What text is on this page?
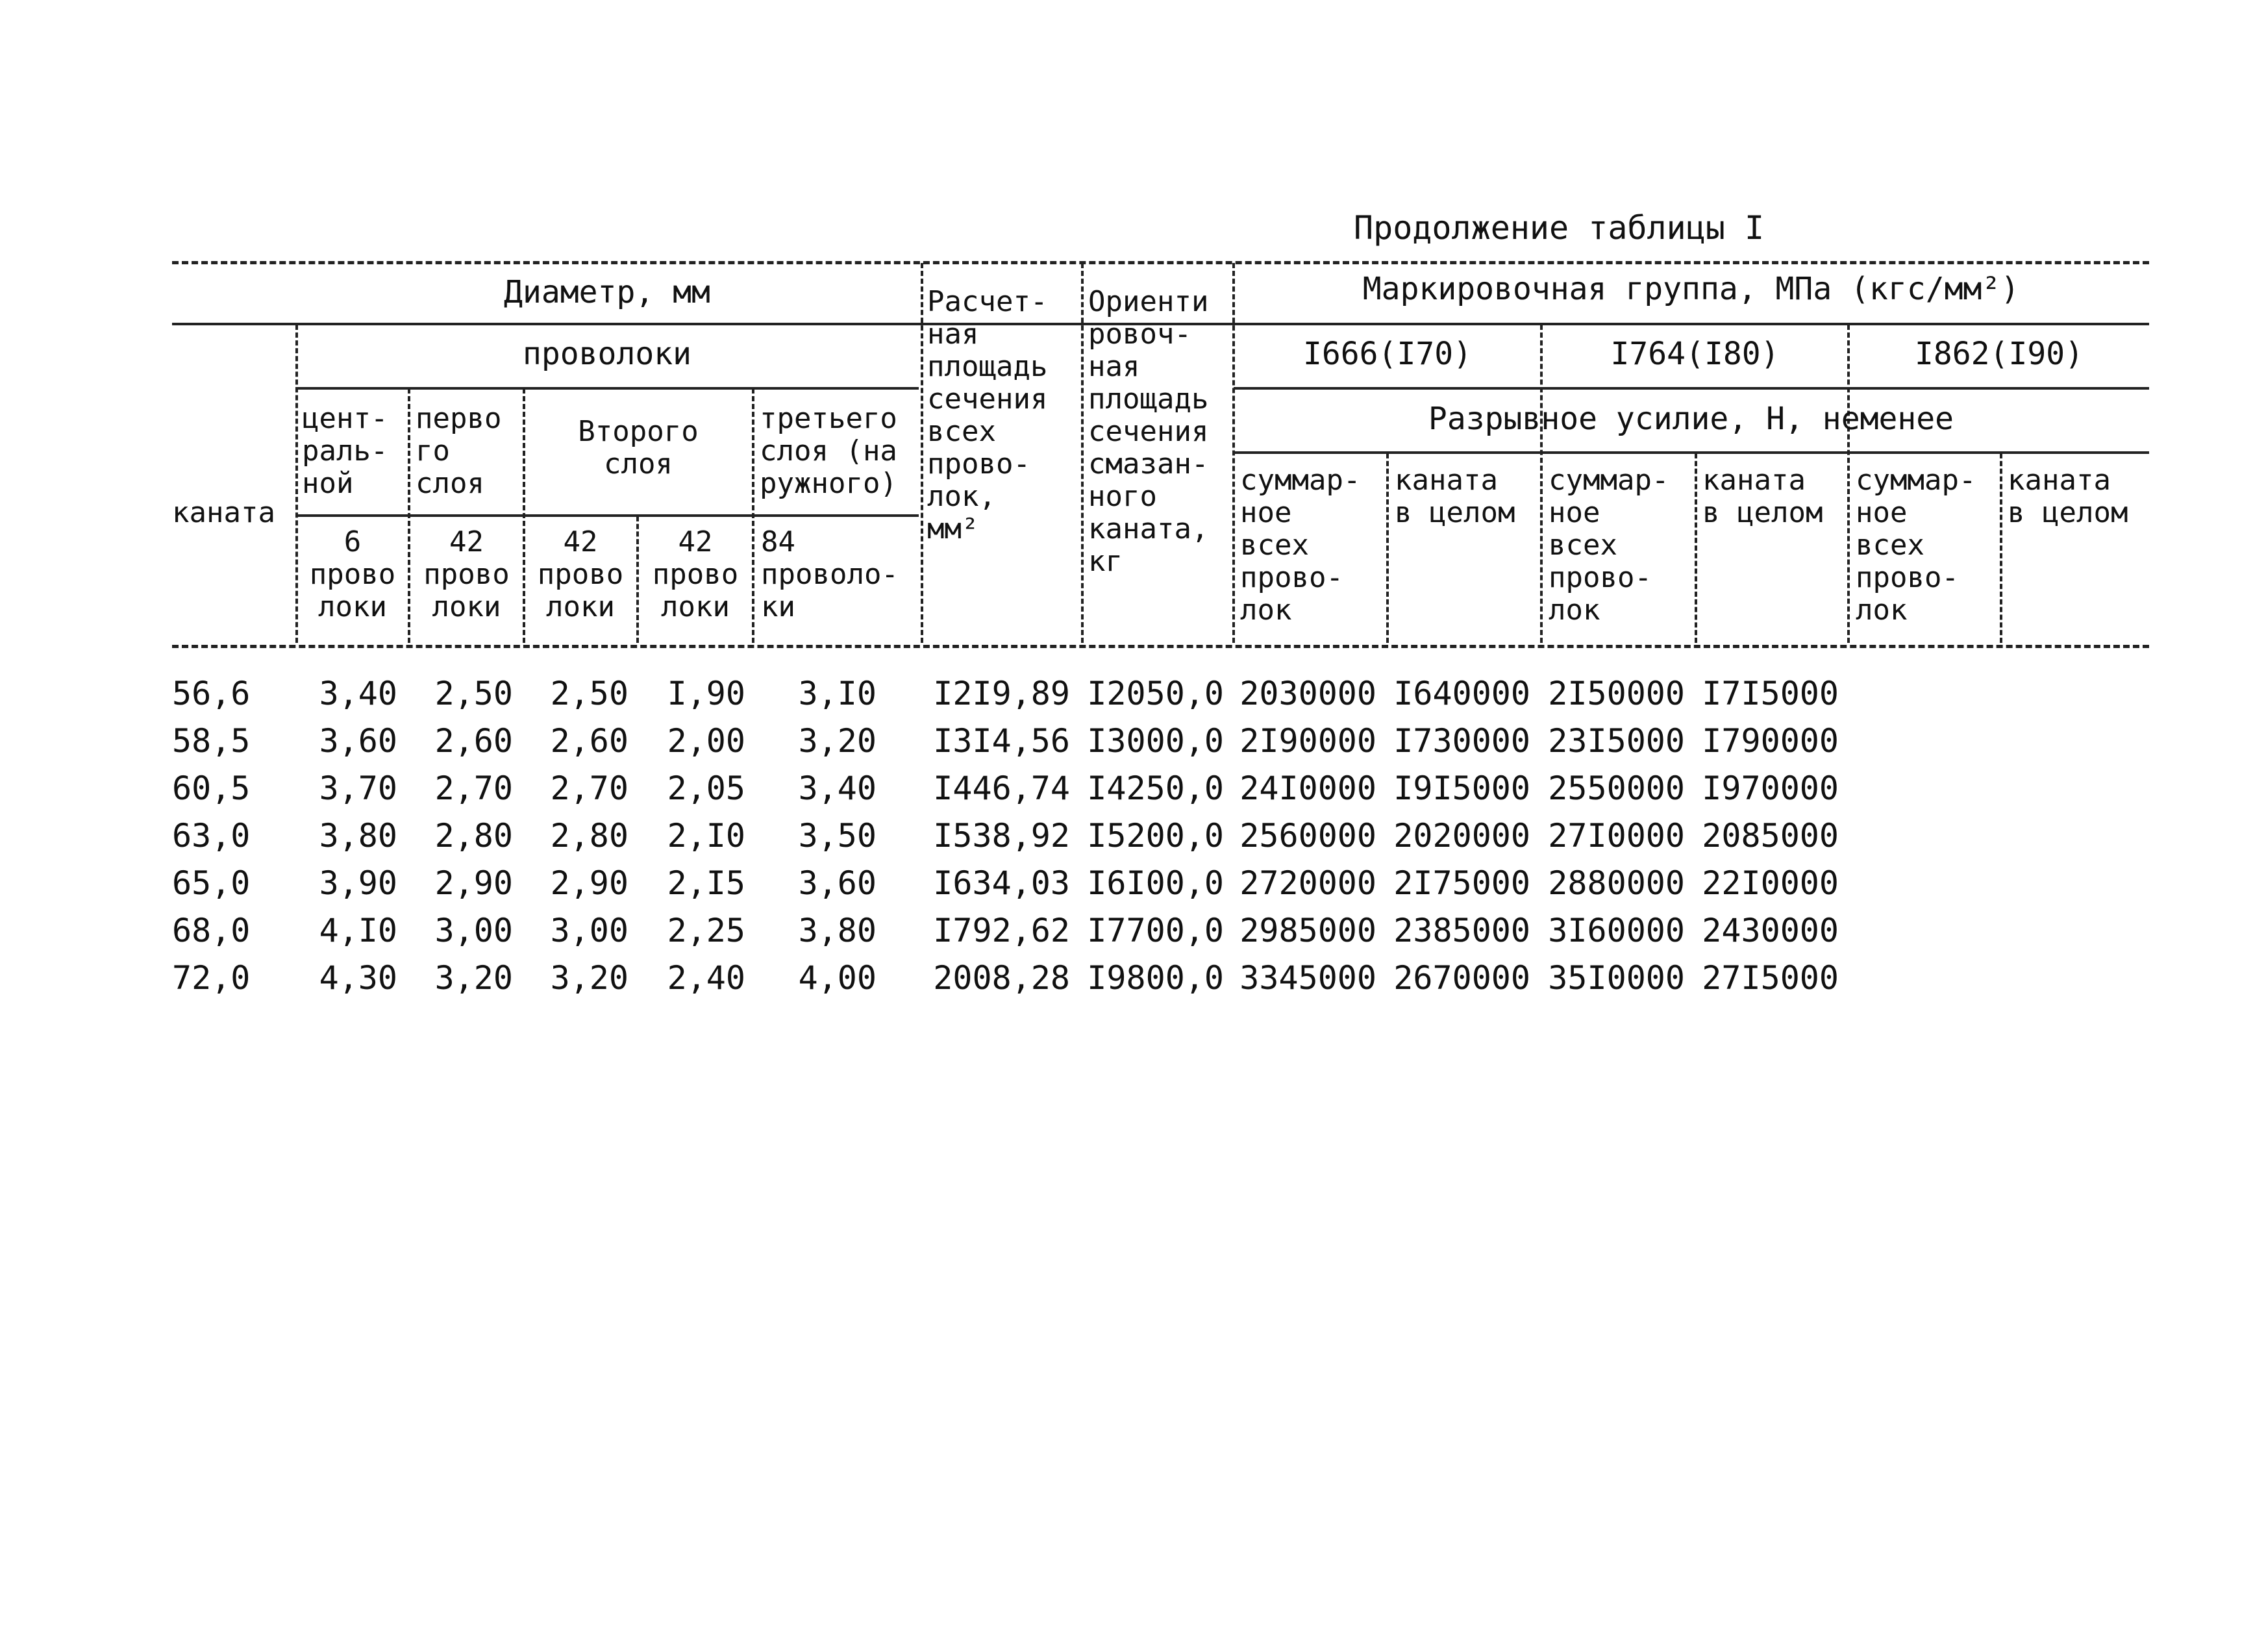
Продолжение таблицы I
Диаметр, мм
проволоки
каната
цент-
раль-
ной
перво
го
слоя
Второго
слоя
третьего
слоя (на
ружного)
6
прово
локи
42
прово
локи
42
прово
локи
42
прово
локи
84
проволо-
ки
Расчет-
ная
площадь
сечения
всех
прово-
лок,
мм²
Ориенти
ровоч-
ная
площадь
сечения
смазан-
ного
каната,
кг
Маркировочная группа, МПа (кгс/мм²)
I666(I70)	I764(I80)	I862(I90)
Разрывное усилие, Н, неменее
суммар-
ное
всех
прово-
лок
каната
в целом
суммар-
ное
всех
прово-
лок
каната
в целом
суммар-
ное
всех
прово-
лок
каната
в целом
56,6 3,40 2,50 2,50 I,90 3,I0 I2I9,89 I2050,0 2030000 I640000 2I50000 I7I5000
58,5 3,60 2,60 2,60 2,00 3,20 I3I4,56 I3000,0 2I90000 I730000 23I5000 I790000
60,5 3,70 2,70 2,70 2,05 3,40 I446,74 I4250,0 24I0000 I9I5000 2550000 I970000
63,0 3,80 2,80 2,80 2,I0 3,50 I538,92 I5200,0 2560000 2020000 27I0000 2085000
65,0 3,90 2,90 2,90 2,I5 3,60 I634,03 I6I00,0 2720000 2I75000 2880000 22I0000
68,0 4,I0 3,00 3,00 2,25 3,80 I792,62 I7700,0 2985000 2385000 3I60000 2430000
72,0 4,30 3,20 3,20 2,40 4,00 2008,28 I9800,0 3345000 2670000 35I0000 27I5000
